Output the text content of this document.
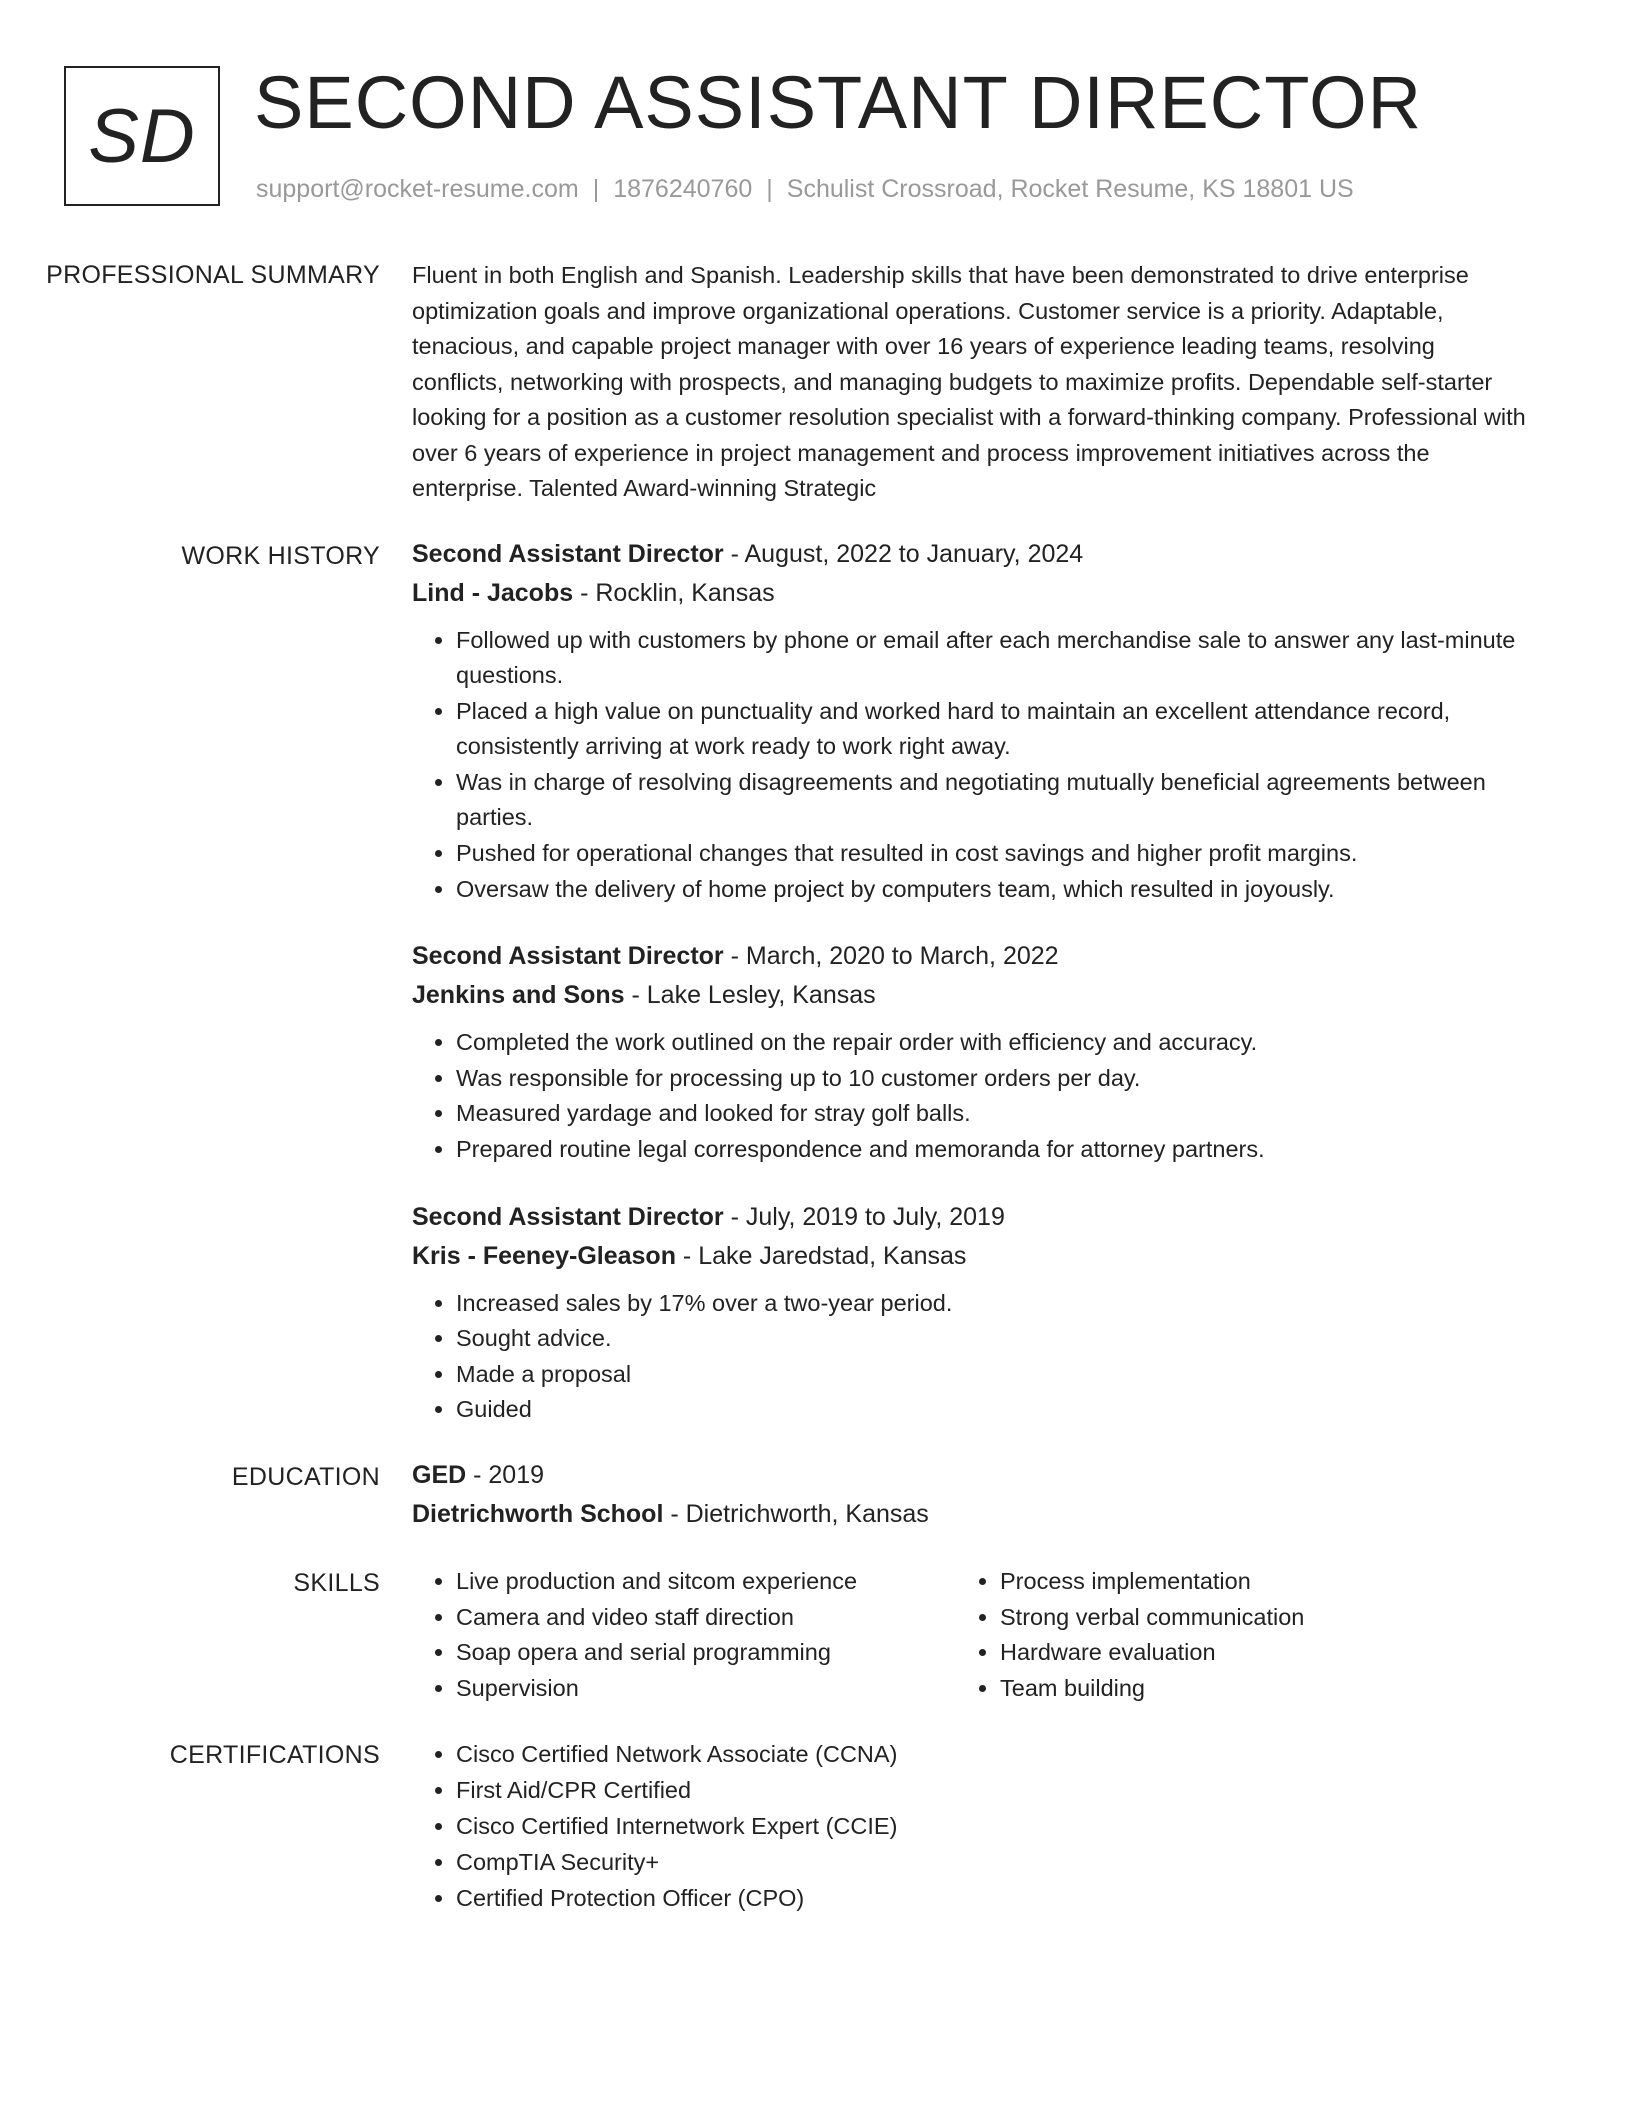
SD SECOND ASSISTANT DIRECTOR
support@rocket-resume.com | 1876240760 | Schulist Crossroad, Rocket Resume, KS 18801 US
PROFESSIONAL SUMMARY	Fluent in both English and Spanish. Leadership skills that have been demonstrated to drive enterprise optimization goals and improve organizational operations. Customer service is a priority. Adaptable, tenacious, and capable project manager with over 16 years of experience leading teams, resolving conflicts, networking with prospects, and managing budgets to maximize profits. Dependable self-starter looking for a position as a customer resolution specialist with a forward-thinking company. Professional with over 6 years of experience in project management and process improvement initiatives across the enterprise. Talented Award-winning Strategic

WORK HISTORY	Second Assistant Director - August, 2022 to January, 2024
Lind - Jacobs - Rocklin, Kansas
• Followed up with customers by phone or email after each merchandise sale to answer any last-minute questions.
• Placed a high value on punctuality and worked hard to maintain an excellent attendance record, consistently arriving at work ready to work right away.
• Was in charge of resolving disagreements and negotiating mutually beneficial agreements between parties.
• Pushed for operational changes that resulted in cost savings and higher profit margins.
• Oversaw the delivery of home project by computers team, which resulted in joyously.
Second Assistant Director - March, 2020 to March, 2022
Jenkins and Sons - Lake Lesley, Kansas
• Completed the work outlined on the repair order with efficiency and accuracy.
• Was responsible for processing up to 10 customer orders per day.
• Measured yardage and looked for stray golf balls.
• Prepared routine legal correspondence and memoranda for attorney partners.
Second Assistant Director - July, 2019 to July, 2019
Kris - Feeney-Gleason - Lake Jaredstad, Kansas
• Increased sales by 17% over a two-year period.
• Sought advice.
• Made a proposal
• Guided
EDUCATION	GED - 2019
Dietrichworth School - Dietrichworth, Kansas
SKILLS	• Live production and sitcom experience
• Camera and video staff direction
• Soap opera and serial programming
• Supervision
• Process implementation
• Strong verbal communication
• Hardware evaluation
• Team building
CERTIFICATIONS	• Cisco Certified Network Associate (CCNA)
• First Aid/CPR Certified
• Cisco Certified Internetwork Expert (CCIE)
• CompTIA Security+
• Certified Protection Officer (CPO)
